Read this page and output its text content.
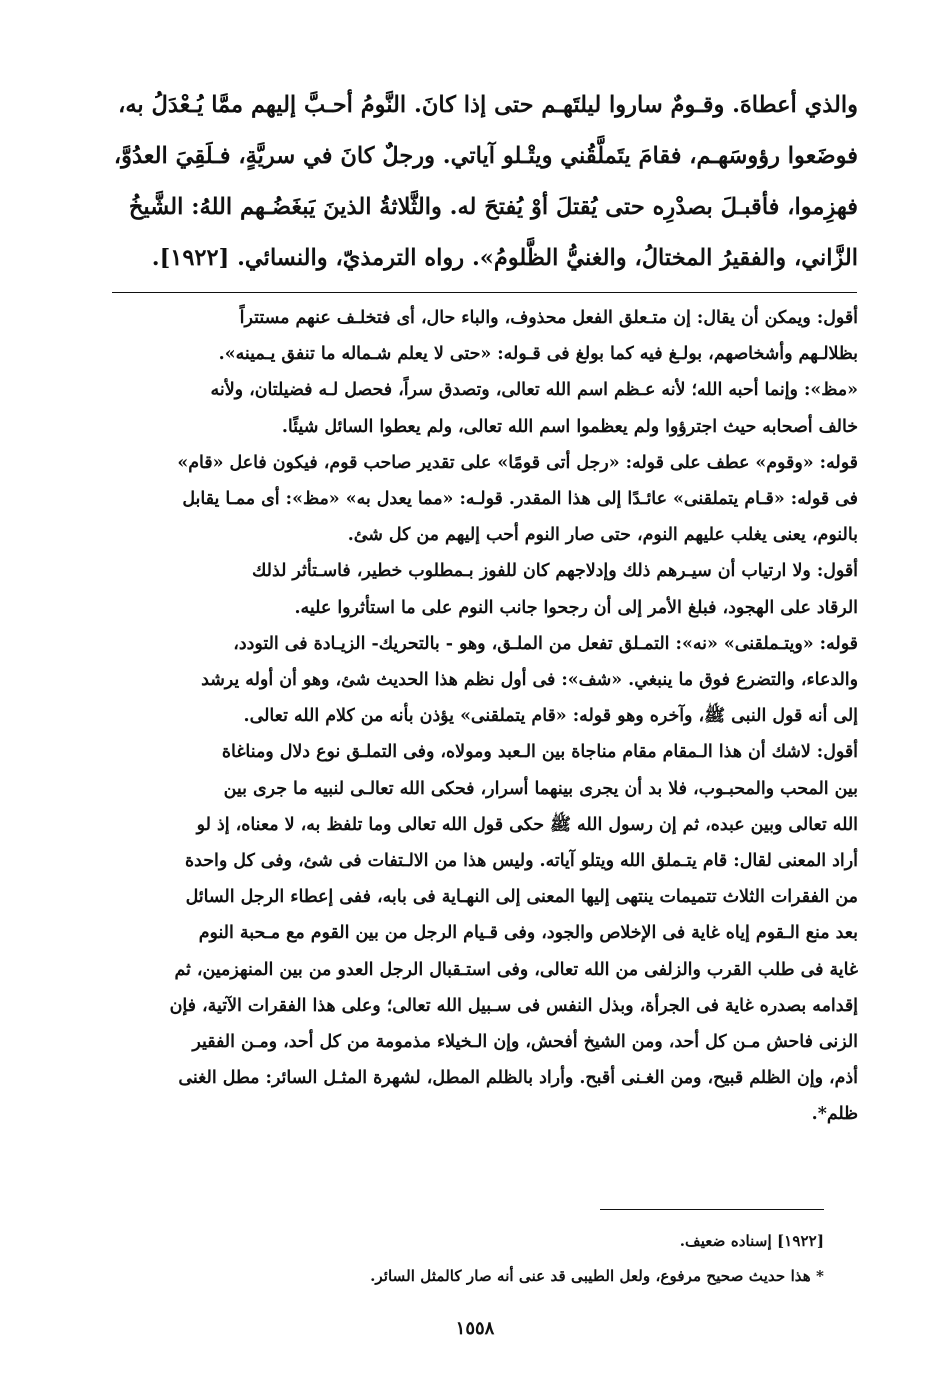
والذي أعطاهَ. وقـومٌ ساروا ليلتَهـم حتى إذا كانَ. النَّومُ أحـبَّ إليهم ممَّا يُـعْدَلُ به،

فوضَعوا رؤوسَهـم، فقامَ يتَملَّقُني ويتْـلو آياتي. ورجلٌ كانَ في سريَّةٍ، فـلَقِيَ العدُوَّ،

فهزِموا، فأقبـلَ بصدْرِه حتى يُقتلَ أوْ يُفتحَ له. والثَّلاثةُ الذينَ يَبغَضُـهم اللهُ: الشَّيخُ

الزَّاني، والفقيرُ المختالُ، والغنيُّ الظَّلومُ». رواه الترمذيّ، والنسائي. [١٩٢٢].

أقول: ويمكن أن يقال: إن متـعلق الفعل محذوف، والباء حال، أى فتخلـف عنهم مستتراً

بظلالـهم وأشخاصهم، بولـغ فيه كما بولغ فى قـوله: «حتى لا يعلم شـماله ما تنفق يـمينه».

«مظ»: وإنما أحبه الله؛ لأنه عـظم اسم الله تعالى، وتصدق سراً، فحصل لـه فضيلتان، ولأنه

خالف أصحابه حيث اجترؤوا ولم يعظموا اسم الله تعالى، ولم يعطوا السائل شيئًا.

قوله: «وقوم» عطف على قوله: «رجل أتى قومًا» على تقدير صاحب قوم، فيكون فاعل «قام»

فى قوله: «قـام يتملقنى» عائـدًا إلى هذا المقدر. قولـه: «مما يعدل به» «مظ»: أى ممـا يقابل

بالنوم، يعنى يغلب عليهم النوم، حتى صار النوم أحب إليهم من كل شئ.

أقول: ولا ارتياب أن سيـرهم ذلك وإدلاجهم كان للفوز بـمطلوب خطير، فاسـتأثر لذلك

الرقاد على الهجود، فبلغ الأمر إلى أن رجحوا جانب النوم على ما استأثروا عليه.

قوله: «ويتـملقنى» «نه»: التمـلق تفعل من الملـق، وهو - بالتحريك- الزيـادة فى التودد،

والدعاء، والتضرع فوق ما ينبغي. «شف»: فى أول نظم هذا الحديث شئ، وهو أن أوله يرشد

إلى أنه قول النبى ﷺ، وآخره وهو قوله: «قام يتملقنى» يؤذن بأنه من كلام الله تعالى.

أقول: لاشك أن هذا الـمقام مقام مناجاة بين الـعبد ومولاه، وفى التملـق نوع دلال ومناغاة

بين المحب والمحبـوب، فلا بد أن يجرى بينهما أسرار، فحكى الله تعالـى لنبيه ما جرى بين

الله تعالى وبين عبده، ثم إن رسول الله ﷺ حكى قول الله تعالى وما تلفظ به، لا معناه، إذ لو

أراد المعنى لقال: قام يتـملق الله ويتلو آياته. وليس هذا من الالـتفات فى شئ، وفى كل واحدة

من الفقرات الثلاث تتميمات ينتهى إليها المعنى إلى النهـاية فى بابه، ففى إعطاء الرجل السائل

بعد منع الـقوم إياه غاية فى الإخلاص والجود، وفى قـيام الرجل من بين القوم مع مـحبة النوم

غاية فى طلب القرب والزلفى من الله تعالى، وفى استـقبال الرجل العدو من بين المنهزمين، ثم

إقدامه بصدره غاية فى الجرأة، وبذل النفس فى سـبيل الله تعالى؛ وعلى هذا الفقرات الآتية، فإن

الزنى فاحش مـن كل أحد، ومن الشيخ أفحش، وإن الـخيلاء مذمومة من كل أحد، ومـن الفقير

أذم، وإن الظلم قبيح، ومن الغـنى أقبح. وأراد بالظلم المطل، لشهرة المثـل السائر: مطل الغنى

ظلم*.

[١٩٢٢] إسناده ضعيف.

* هذا حديث صحيح مرفوع، ولعل الطيبى قد عنى أنه صار كالمثل السائر.

١٥٥٨
